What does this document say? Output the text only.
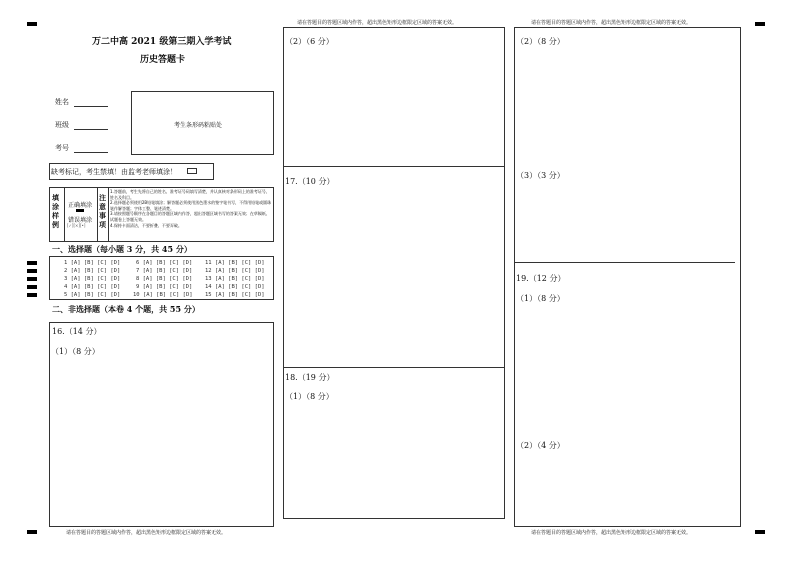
请在答题目的答题区域内作答，超出黑色矩形边框限定区域的答案无效。	请在答题目的答题区域内作答，超出黑色矩形边框限定区域的答案无效。
请在答题目的答题区域内作答，超出黑色矩形边框限定区域的答案无效。	请在答题目的答题区域内作答，超出黑色矩形边框限定区域的答案无效。
万二中高 2021 级第三期入学考试
历史答题卡
姓名
班级
考号
考生条形码粘贴处
缺考标记，考生禁填！由监考老师填涂！
填涂样例
正确填涂
错误填涂
[✓][×][•]
注意事项
1.答题前，考生先将自己的姓名、准考证号码填写清楚，并认真核对条形码上的准考证号、姓名及科目。
2.选择题必须使用2B铅笔填涂；解答题必须使用黑色墨水的签字笔书写，不得用铅笔或圆珠笔作解答题；字体工整、笔迹清楚。
3.请按照题号顺序在各题目的答题区域内作答，超出答题区域书写的答案无效；在草稿纸、试题卷上答题无效。
4.保持卡面清洁，不要折叠、不要弄破。
一、选择题（每小题 3 分，共 45 分）
1 [A] [B] [C] [D]
2 [A] [B] [C] [D]
3 [A] [B] [C] [D]
4 [A] [B] [C] [D]
5 [A] [B] [C] [D]
6 [A] [B] [C] [D]
7 [A] [B] [C] [D]
8 [A] [B] [C] [D]
9 [A] [B] [C] [D]
10 [A] [B] [C] [D]
11 [A] [B] [C] [D]
12 [A] [B] [C] [D]
13 [A] [B] [C] [D]
14 [A] [B] [C] [D]
15 [A] [B] [C] [D]
二、非选择题（本卷 4 个题，共 55 分）
16.（14 分）
（1）（8 分）
（2）（6 分）
17.（10 分）
18.（19 分）
（1）（8 分）
（2）（8 分）
（3）（3 分）
19.（12 分）
（1）（8 分）
（2）（4 分）
